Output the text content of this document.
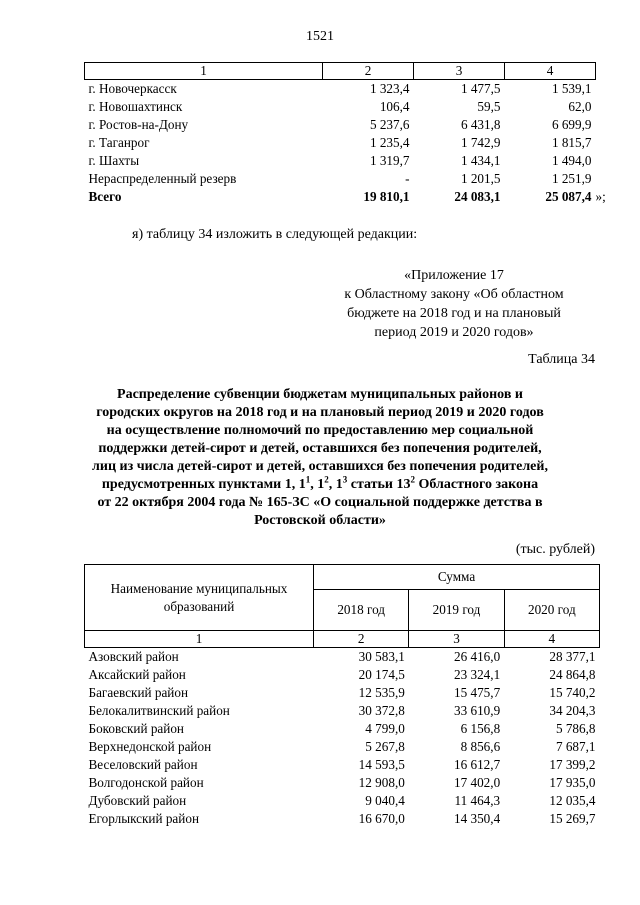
1521
1	2	3	4
г. Новочеркасск	1 323,4	1 477,5	1 539,1
г. Новошахтинск	106,4	59,5	62,0
г. Ростов-на-Дону	5 237,6	6 431,8	6 699,9
г. Таганрог	1 235,4	1 742,9	1 815,7
г. Шахты	1 319,7	1 434,1	1 494,0
Нераспределенный резерв	-	1 201,5	1 251,9
Всего	19 810,1	24 083,1	25 087,4 »;
я) таблицу 34 изложить в следующей редакции:
«Приложение 17
к Областному закону «Об областном
бюджете на 2018 год и на плановый
период 2019 и 2020 годов»
Таблица 34
Распределение субвенции бюджетам муниципальных районов и
городских округов на 2018 год и на плановый период 2019 и 2020 годов
на осуществление полномочий по предоставлению мер социальной
поддержки детей-сирот и детей, оставшихся без попечения родителей,
лиц из числа детей-сирот и детей, оставшихся без попечения родителей,
предусмотренных пунктами 1, $1^1$, $1^2$, $1^3$ статьи $13^2$ Областного закона
от 22 октября 2004 года № 165-ЗС «О социальной поддержке детства в
Ростовской области»
(тыс. рублей)
Наименование муниципальных образований	Сумма		
	2018 год	2019 год	2020 год
1	2	3	4
Азовский район	30 583,1	26 416,0	28 377,1
Аксайский район	20 174,5	23 324,1	24 864,8
Багаевский район	12 535,9	15 475,7	15 740,2
Белокалитвинский район	30 372,8	33 610,9	34 204,3
Боковский район	4 799,0	6 156,8	5 786,8
Верхнедонской район	5 267,8	8 856,6	7 687,1
Веселовский район	14 593,5	16 612,7	17 399,2
Волгодонской район	12 908,0	17 402,0	17 935,0
Дубовский район	9 040,4	11 464,3	12 035,4
Егорлыкский район	16 670,0	14 350,4	15 269,7
